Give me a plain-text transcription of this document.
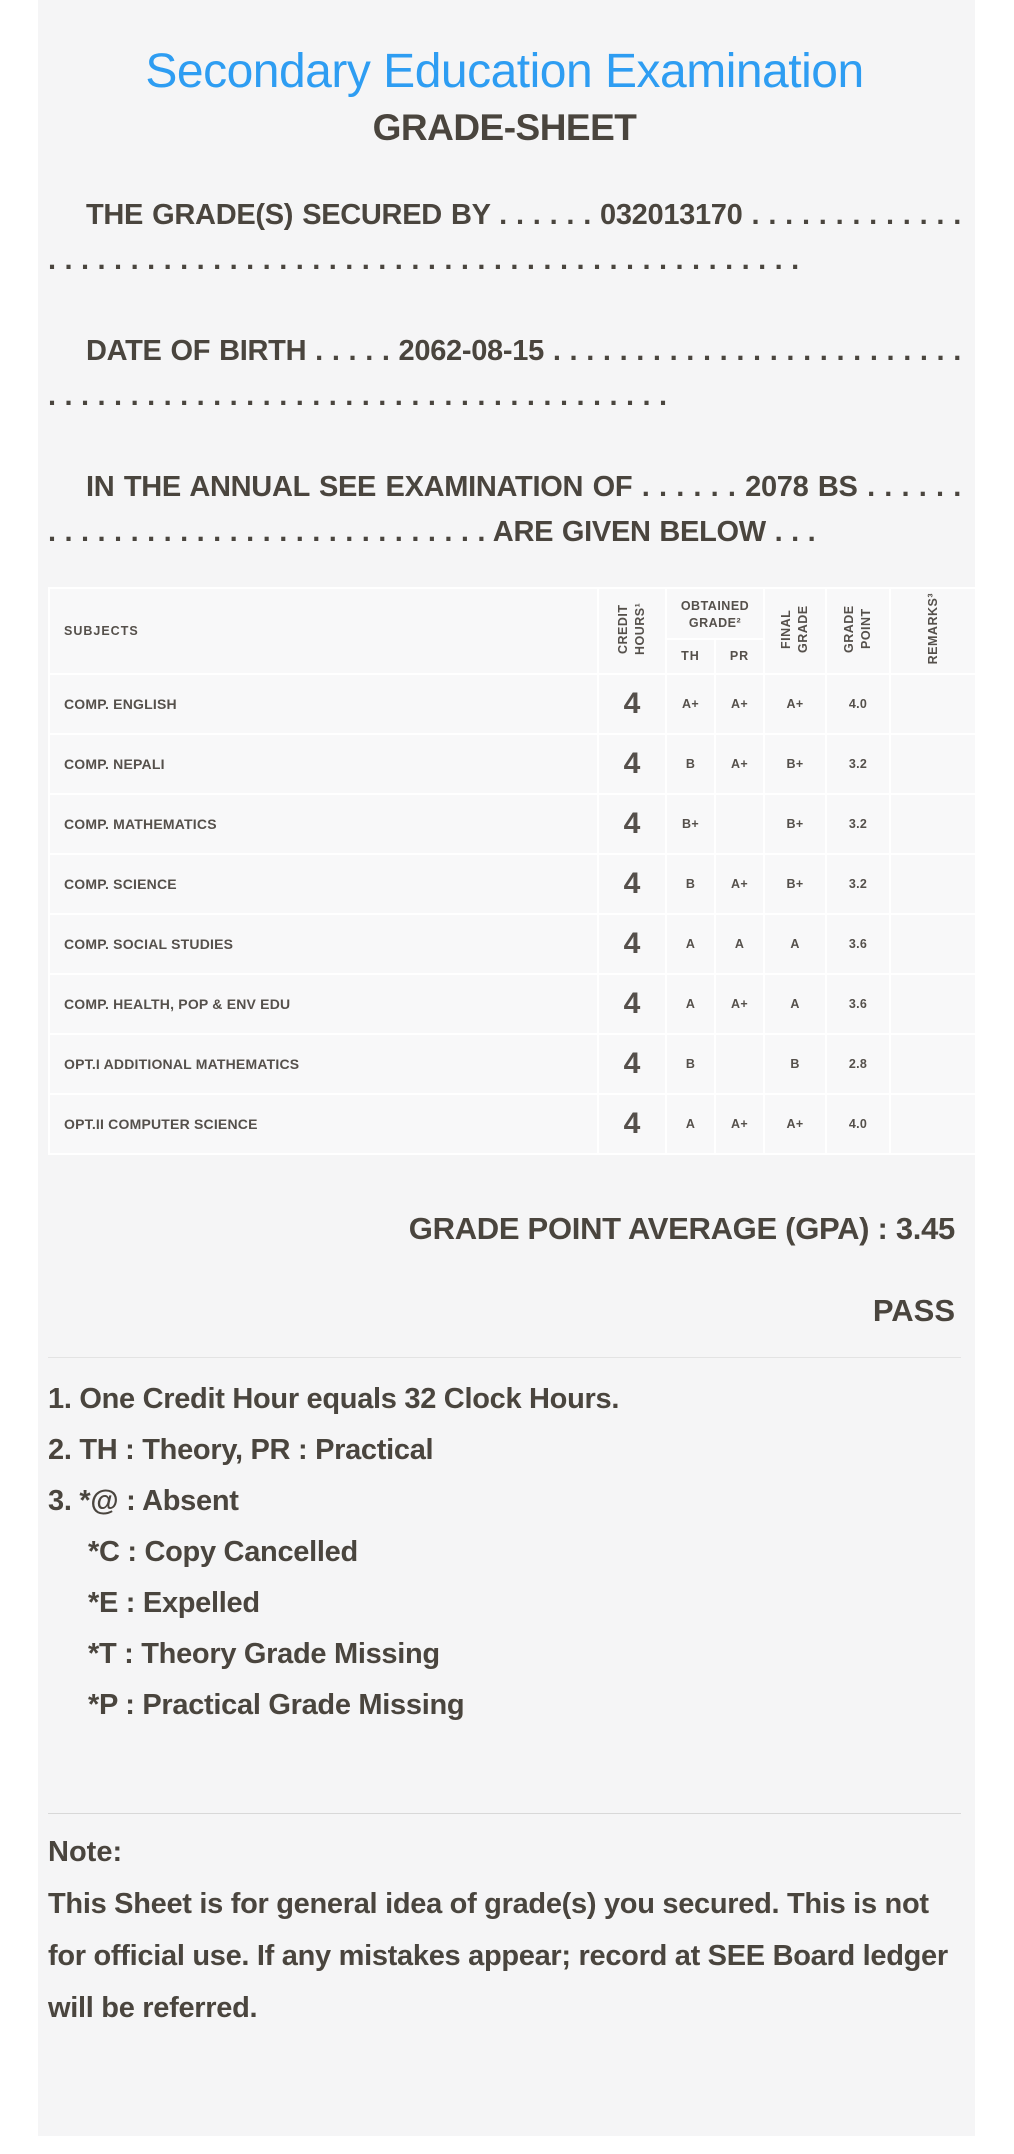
Secondary Education Examination
GRADE-SHEET

THE GRADE(S) SECURED BY . . . . . . 032013170 . . . . . . . . . . . . . . . . . . . . . . . . . . . . . . . . . . . . . . . . . . . . . . . . . . . . . . . . . . .

DATE OF BIRTH . . . . . 2062-08-15 . . . . . . . . . . . . . . . . . . . . . . . . . . . . . . . . . . . . . . . . . . . . . . . . . . . . . . . . . . . . . . .

IN THE ANNUAL SEE EXAMINATION OF . . . . . . 2078 BS . . . . . . . . . . . . . . . . . . . . . . . . . . . . . . . . . ARE GIVEN BELOW . . .

SUBJECTS	CREDIT HOURS¹	OBTAINED GRADE²		FINAL GRADE	GRADE POINT	REMARKS³
		TH	PR			
COMP. ENGLISH	4	A+	A+	A+	4.0	
COMP. NEPALI	4	B	A+	B+	3.2	
COMP. MATHEMATICS	4	B+		B+	3.2	
COMP. SCIENCE	4	B	A+	B+	3.2	
COMP. SOCIAL STUDIES	4	A	A	A	3.6	
COMP. HEALTH, POP & ENV EDU	4	A	A+	A	3.6	
OPT.I ADDITIONAL MATHEMATICS	4	B		B	2.8	
OPT.II COMPUTER SCIENCE	4	A	A+	A+	4.0	
GRADE POINT AVERAGE (GPA) : 3.45
PASS
1. One Credit Hour equals 32 Clock Hours.
2. TH : Theory, PR : Practical
3. *@ : Absent
*C : Copy Cancelled
*E : Expelled
*T : Theory Grade Missing
*P : Practical Grade Missing
Note:
This Sheet is for general idea of grade(s) you secured. This is not for official use. If any mistakes appear; record at SEE Board ledger will be referred.
